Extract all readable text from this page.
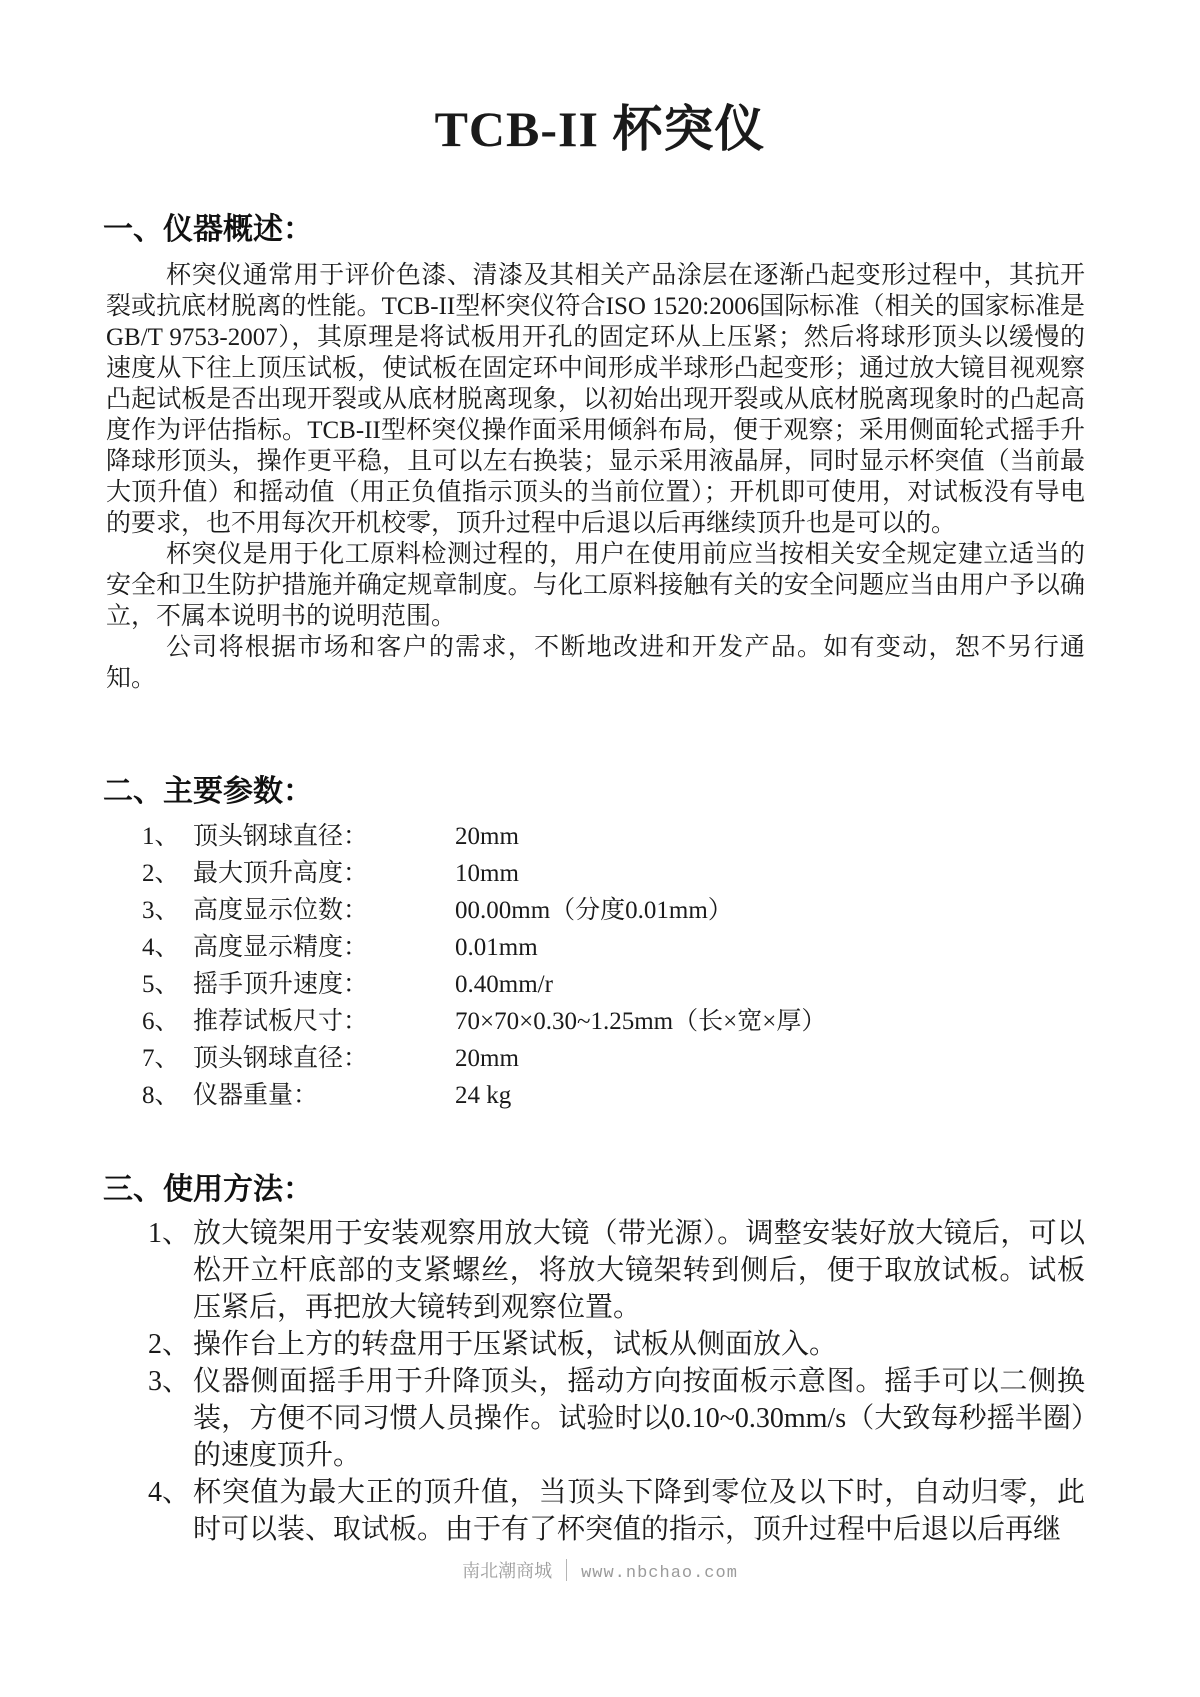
TCB-II 杯突仪
一、仪器概述：

杯突仪通常用于评价色漆、清漆及其相关产品涂层在逐渐凸起变形过程中，其抗开裂或抗底材脱离的性能。TCB-II型杯突仪符合ISO 1520:2006国际标准（相关的国家标准是GB/T 9753-2007），其原理是将试板用开孔的固定环从上压紧；然后将球形顶头以缓慢的速度从下往上顶压试板，使试板在固定环中间形成半球形凸起变形；通过放大镜目视观察凸起试板是否出现开裂或从底材脱离现象，以初始出现开裂或从底材脱离现象时的凸起高度作为评估指标。TCB-II型杯突仪操作面采用倾斜布局，便于观察；采用侧面轮式摇手升降球形顶头，操作更平稳，且可以左右换装；显示采用液晶屏，同时显示杯突值（当前最大顶升值）和摇动值（用正负值指示顶头的当前位置）；开机即可使用，对试板没有导电的要求，也不用每次开机校零，顶升过程中后退以后再继续顶升也是可以的。

杯突仪是用于化工原料检测过程的，用户在使用前应当按相关安全规定建立适当的安全和卫生防护措施并确定规章制度。与化工原料接触有关的安全问题应当由用户予以确立，不属本说明书的说明范围。

公司将根据市场和客户的需求，不断地改进和开发产品。如有变动，恕不另行通知。

二、主要参数：
1、 顶头钢球直径：	20mm
2、 最大顶升高度：	10mm
3、 高度显示位数：	00.00mm（分度0.01mm）
4、 高度显示精度：	0.01mm
5、 摇手顶升速度：	0.40mm/r
6、 推荐试板尺寸：	70×70×0.30~1.25mm（长×宽×厚）
7、 顶头钢球直径：	20mm
8、 仪器重量：	24 kg
三、使用方法：
1、 放大镜架用于安装观察用放大镜（带光源）。调整安装好放大镜后，可以松开立杆底部的支紧螺丝，将放大镜架转到侧后，便于取放试板。试板压紧后，再把放大镜转到观察位置。
2、 操作台上方的转盘用于压紧试板，试板从侧面放入。
3、 仪器侧面摇手用于升降顶头，摇动方向按面板示意图。摇手可以二侧换装，方便不同习惯人员操作。试验时以0.10~0.30mm/s（大致每秒摇半圈）的速度顶升。
4、 杯突值为最大正的顶升值，当顶头下降到零位及以下时，自动归零，此时可以装、取试板。由于有了杯突值的指示，顶升过程中后退以后再继
南北潮商城 www.nbchao.com
